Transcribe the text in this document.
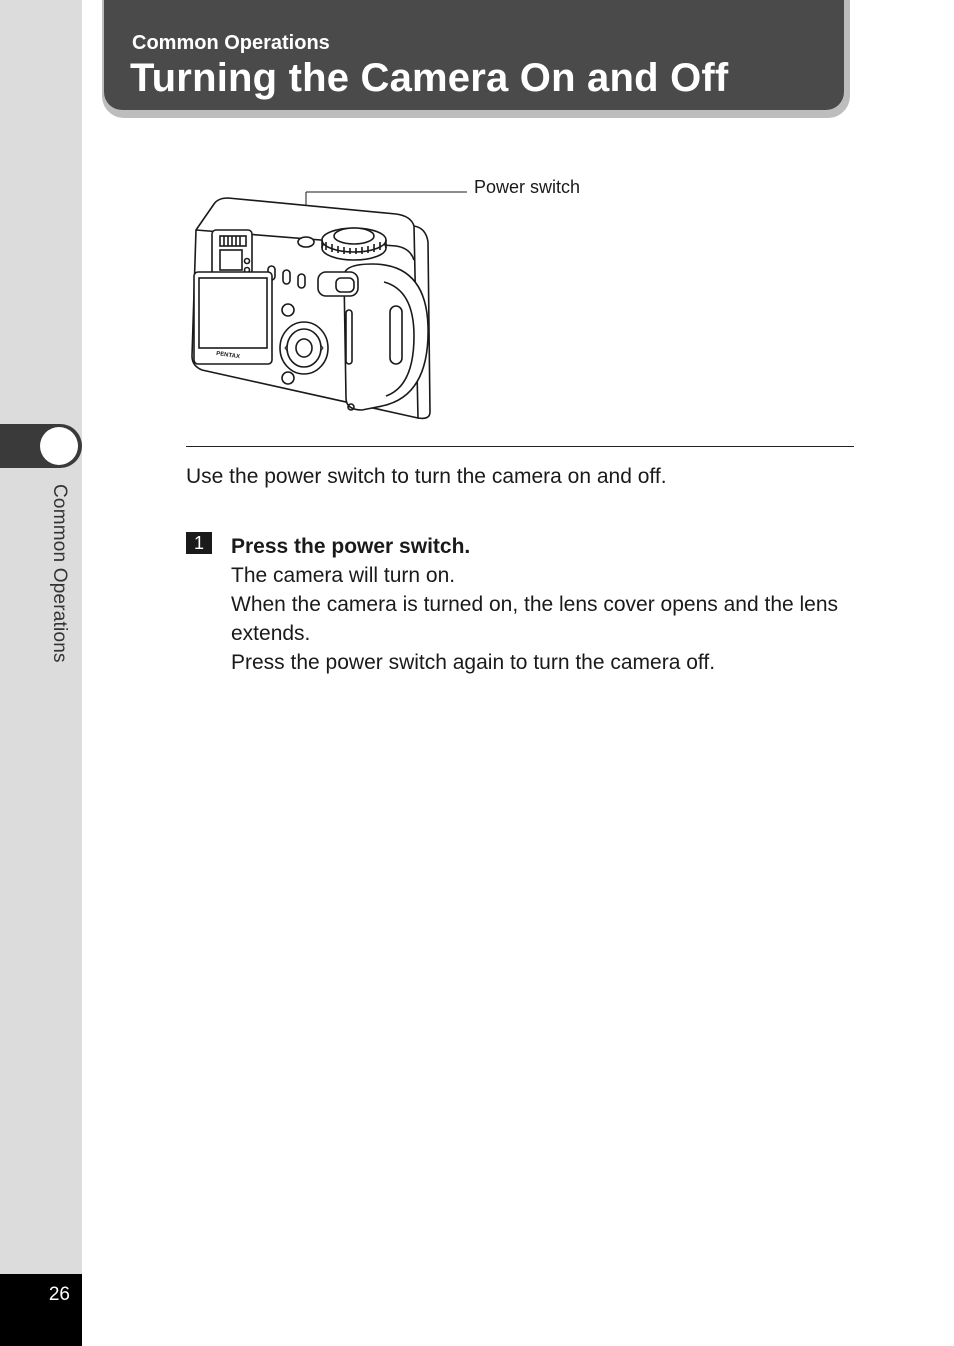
Common Operations
26
Common Operations
Turning the Camera On and Off
PENTAX
Power switch
Use the power switch to turn the camera on and off.
1	Press the power switch.

The camera will turn on.

When the camera is turned on, the lens cover opens and the lens extends.

Press the power switch again to turn the camera off.
